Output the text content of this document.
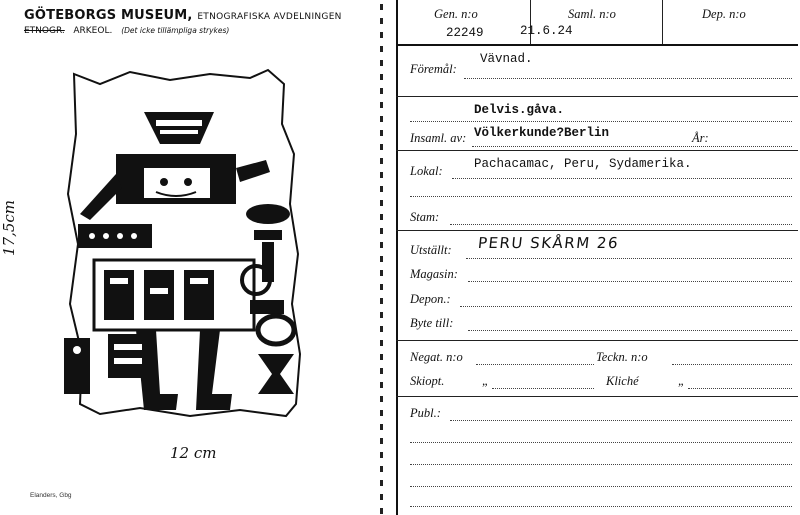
GÖTEBORGS MUSEUM, ETNOGRAFISKA AVDELNINGEN
ETNOGR. ARKEOL. (Det icke tillämpliga strykes)
17,5cm
12 cm
Elanders, Gbg
Gen. n:o
22249
Saml. n:o
21.6.24
Dep. n:o
Föremål:
Vävnad.
Delvis.gåva.
Insaml. av: Völkerkunde?Berlin	År:
Lokal:	Pachacamac, Peru, Sydamerika.
Stam:
Utställt: PERU SKÅRM 26
Magasin:
Depon.:
Byte till:
Negat. n:o	Teckn. n:o
Skiopt.	„	Kliché	„
Publ.:
